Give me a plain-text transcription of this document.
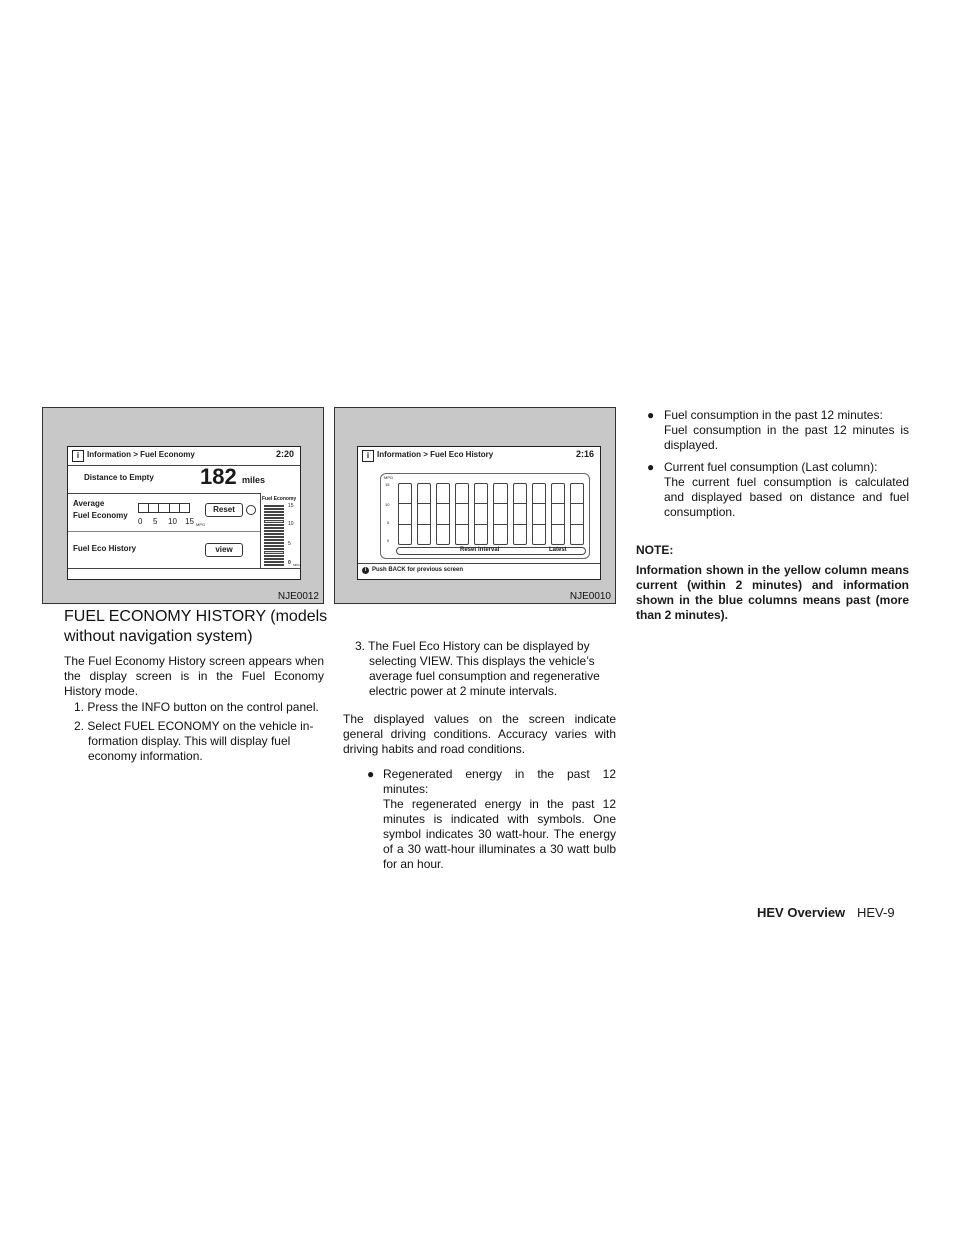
i Information > Fuel Economy	2:20
Distance to Empty 182 miles
Average
Fuel Economy
0 5 10 15 MPG
Reset
Fuel Eco History	view
Fuel Economy
15
10
5
0 MPG
NJE0012
i Information > Fuel Eco History	2:16
MPG
15
10
5
0
Reset Interval	Latest
i Push BACK for previous screen
NJE0010
FUEL ECONOMY HISTORY (models
without navigation system)
The Fuel Economy History screen appears when the display screen is in the Fuel Economy History mode.
1. Press the INFO button on the control panel.
2. Select FUEL ECONOMY on the vehicle in-
formation display. This will display fuel
economy information.
3. The Fuel Eco History can be displayed by
selecting VIEW. This displays the vehicle’s
average fuel consumption and regenerative
electric power at 2 minute intervals.
The displayed values on the screen indicate general driving conditions. Accuracy varies with driving habits and road conditions.
● Regenerated energy in the past 12 minutes:
The regenerated energy in the past 12 minutes is indicated with symbols. One symbol indicates 30 watt-hour. The energy of a 30 watt-hour illuminates a 30 watt bulb for an hour.
● Fuel consumption in the past 12 minutes:
Fuel consumption in the past 12 minutes is displayed.
● Current fuel consumption (Last column):
The current fuel consumption is calculated and displayed based on distance and fuel consumption.
NOTE:
Information shown in the yellow column means current (within 2 minutes) and information shown in the blue columns means past (more than 2 minutes).
HEV Overview HEV-9
